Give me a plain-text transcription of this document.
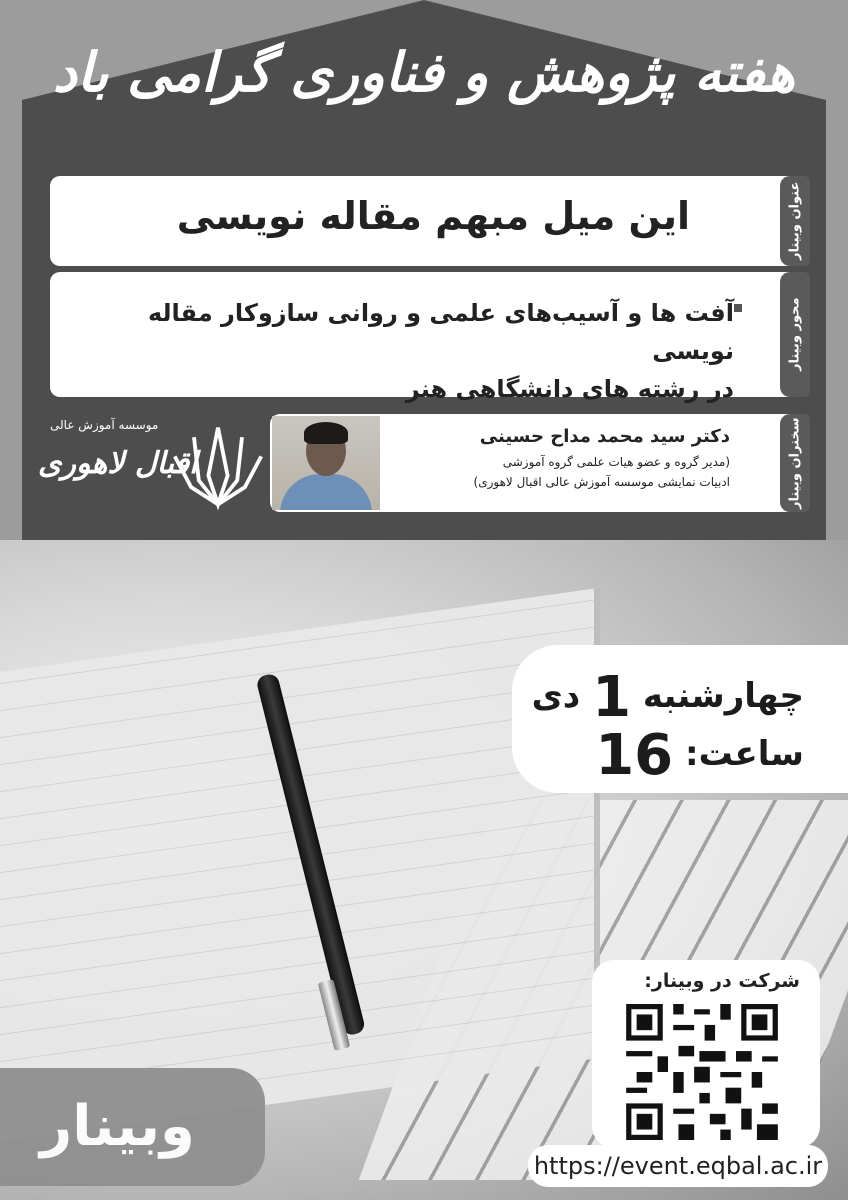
هفته پژوهش و فناوری گرامی باد
عنوان وبینار
این میل مبهم مقاله نویسی
محور وبینار
آفت ها و آسیب‌های علمی و روانی سازوکار مقاله نویسی
در رشته های دانشگاهی هنر
سخنران وبینار
دکتر سید محمد مداح حسینی
(مدیر گروه و عضو هیات علمی گروه آموزشی
ادبیات نمایشی موسسه آموزش عالی اقبال لاهوری)
موسسه آموزش عالی
اقبال لاهوری
چهارشنبه 1 دی
ساعت: 16
شرکت در وبینار:
https://event.eqbal.ac.ir
وبینار
